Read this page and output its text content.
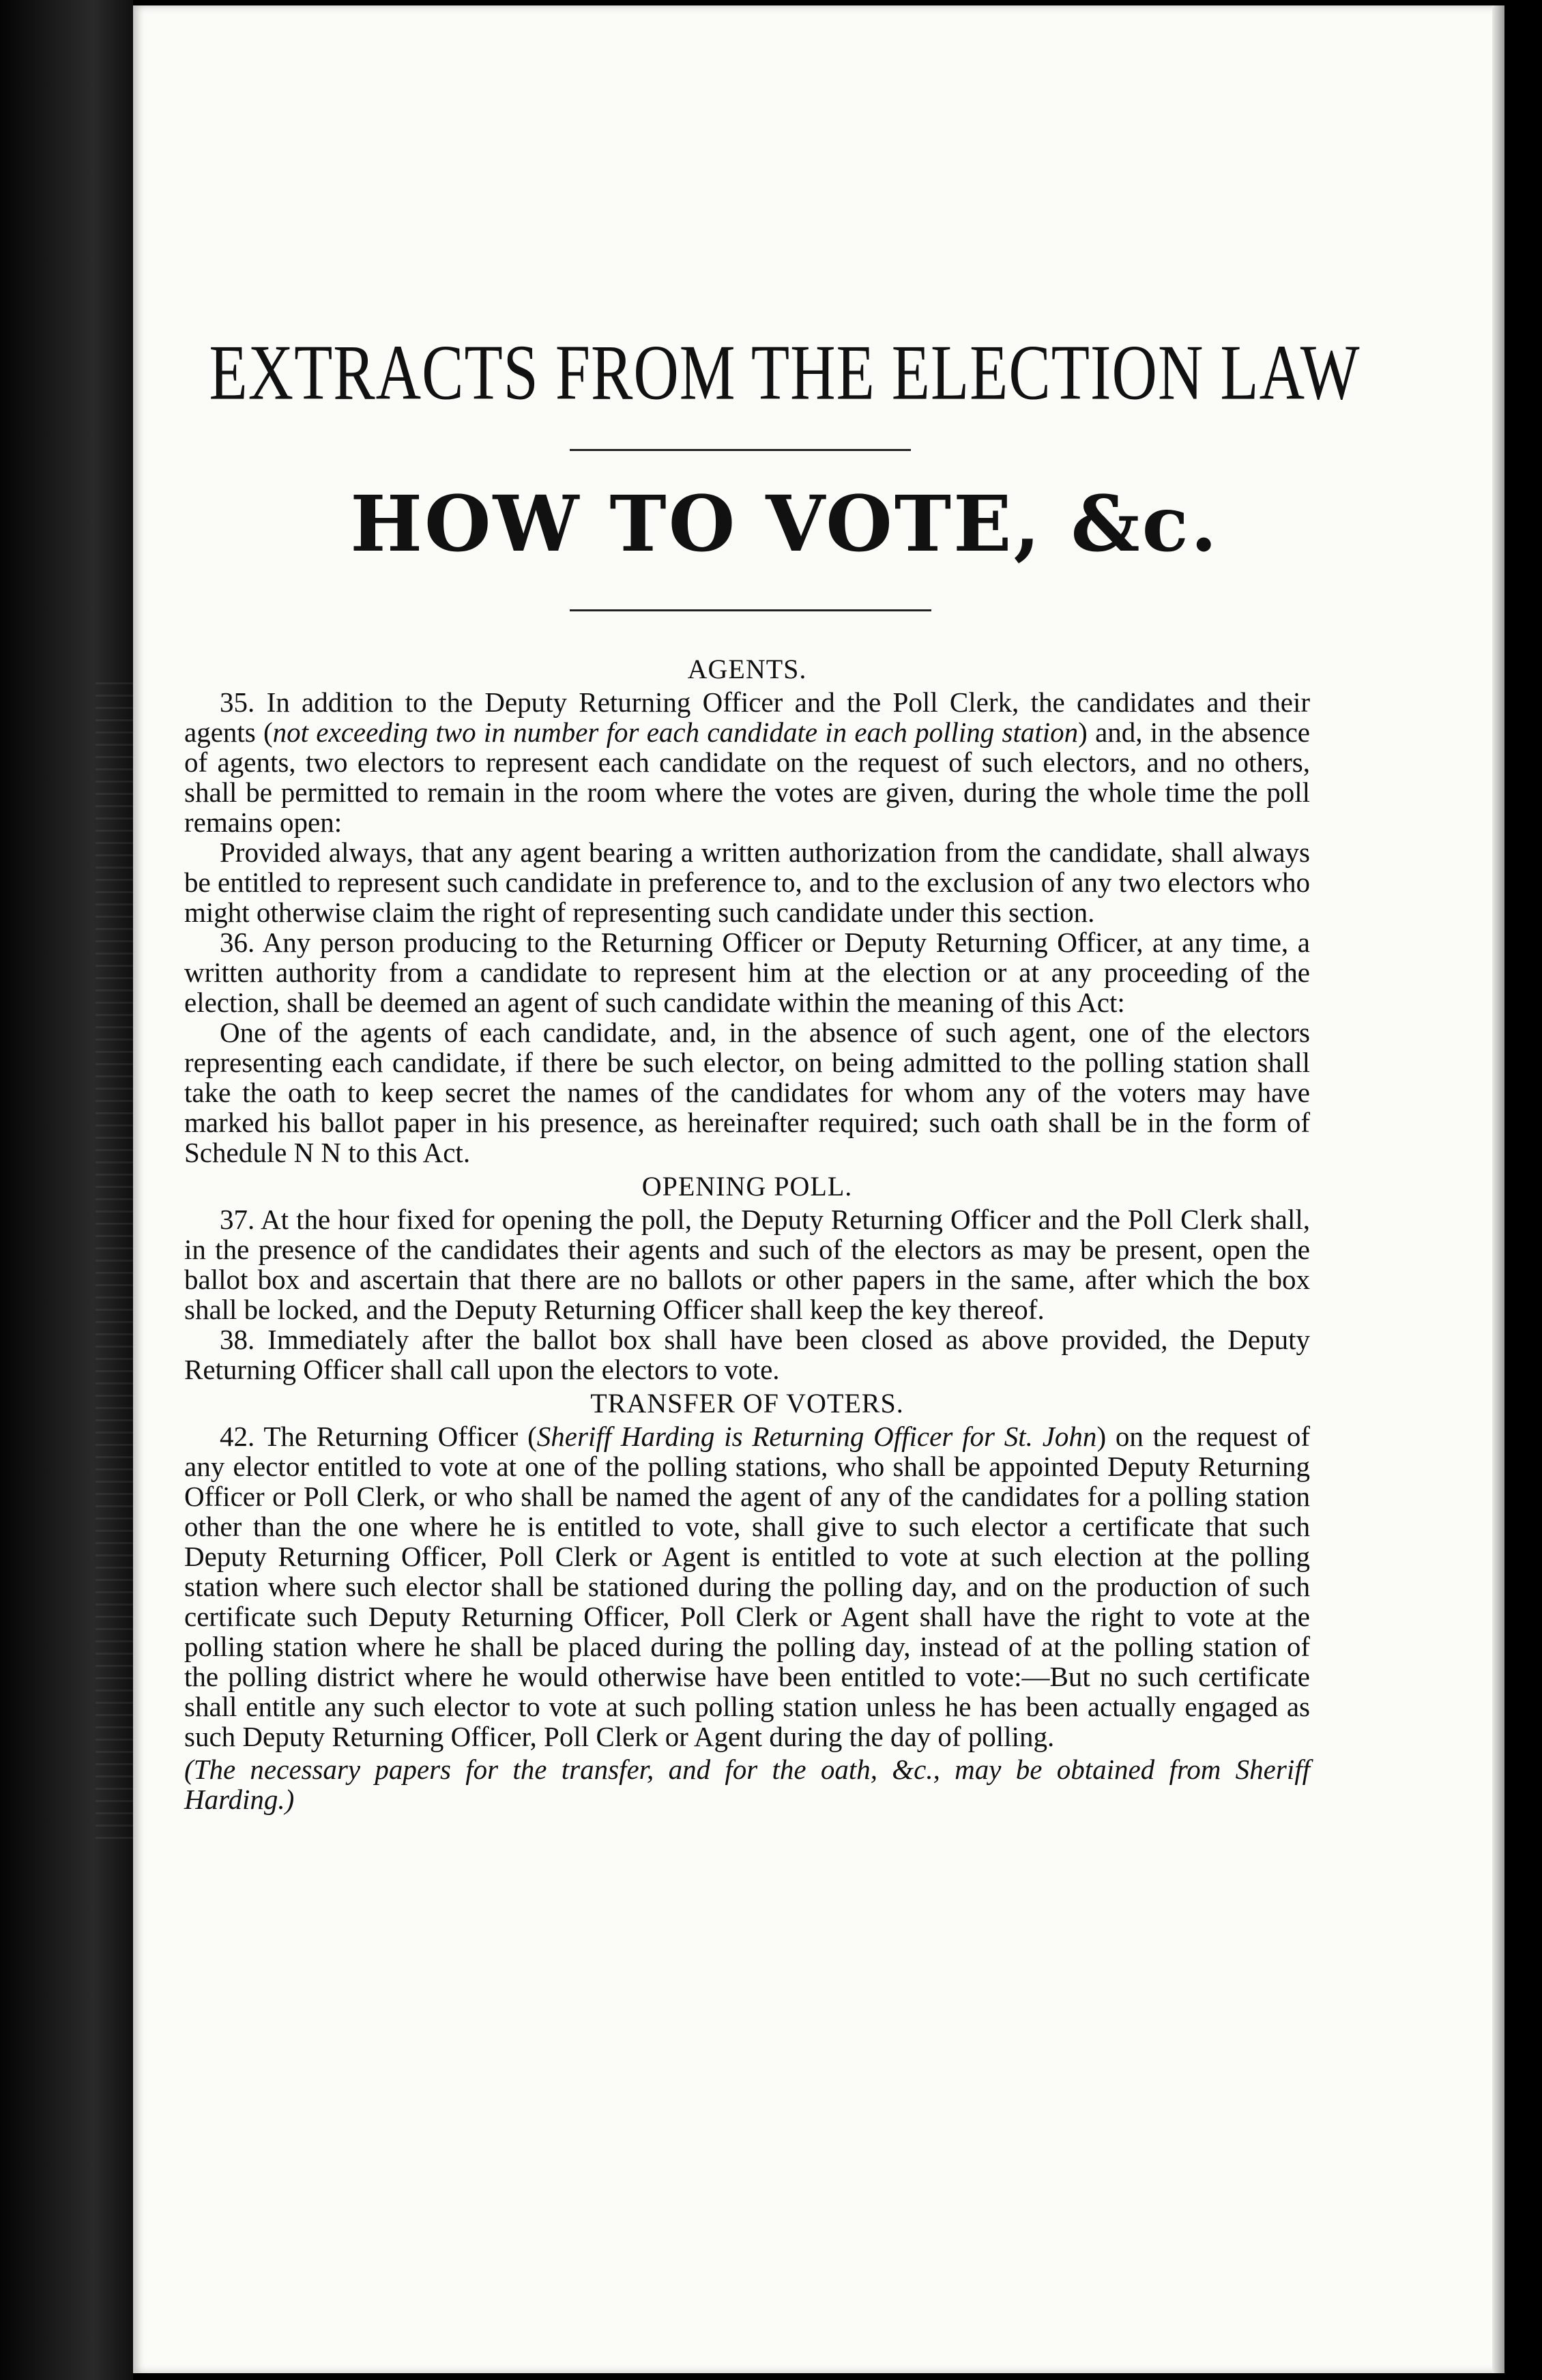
EXTRACTS FROM THE ELECTION LAW
HOW TO VOTE, &c.
AGENTS.

35. In addition to the Deputy Returning Officer and the Poll Clerk, the candidates and their agents (not exceeding two in number for each candidate in each polling station) and, in the absence of agents, two electors to represent each candidate on the request of such electors, and no others, shall be permitted to remain in the room where the votes are given, during the whole time the poll remains open:

Provided always, that any agent bearing a written authorization from the candidate, shall always be entitled to represent such candidate in preference to, and to the exclusion of any two electors who might otherwise claim the right of representing such candidate under this section.

36. Any person producing to the Returning Officer or Deputy Returning Officer, at any time, a written authority from a candidate to represent him at the election or at any proceeding of the election, shall be deemed an agent of such candidate within the meaning of this Act:

One of the agents of each candidate, and, in the absence of such agent, one of the electors representing each candidate, if there be such elector, on being admitted to the polling station shall take the oath to keep secret the names of the candidates for whom any of the voters may have marked his ballot paper in his presence, as hereinafter required; such oath shall be in the form of Schedule N N to this Act.

OPENING POLL.

37. At the hour fixed for opening the poll, the Deputy Returning Officer and the Poll Clerk shall, in the presence of the candidates their agents and such of the electors as may be present, open the ballot box and ascertain that there are no ballots or other papers in the same, after which the box shall be locked, and the Deputy Returning Officer shall keep the key thereof.

38. Immediately after the ballot box shall have been closed as above provided, the Deputy Returning Officer shall call upon the electors to vote.

TRANSFER OF VOTERS.

42. The Returning Officer (Sheriff Harding is Returning Officer for St. John) on the request of any elector entitled to vote at one of the polling stations, who shall be appointed Deputy Returning Officer or Poll Clerk, or who shall be named the agent of any of the candidates for a polling station other than the one where he is entitled to vote, shall give to such elector a certificate that such Deputy Returning Officer, Poll Clerk or Agent is entitled to vote at such election at the polling station where such elector shall be stationed during the polling day, and on the production of such certificate such Deputy Returning Officer, Poll Clerk or Agent shall have the right to vote at the polling station where he shall be placed during the polling day, instead of at the polling station of the polling district where he would otherwise have been entitled to vote:—But no such certificate shall entitle any such elector to vote at such polling station unless he has been actually engaged as such Deputy Returning Officer, Poll Clerk or Agent during the day of polling.

(The necessary papers for the transfer, and for the oath, &c., may be obtained from Sheriff Harding.)
